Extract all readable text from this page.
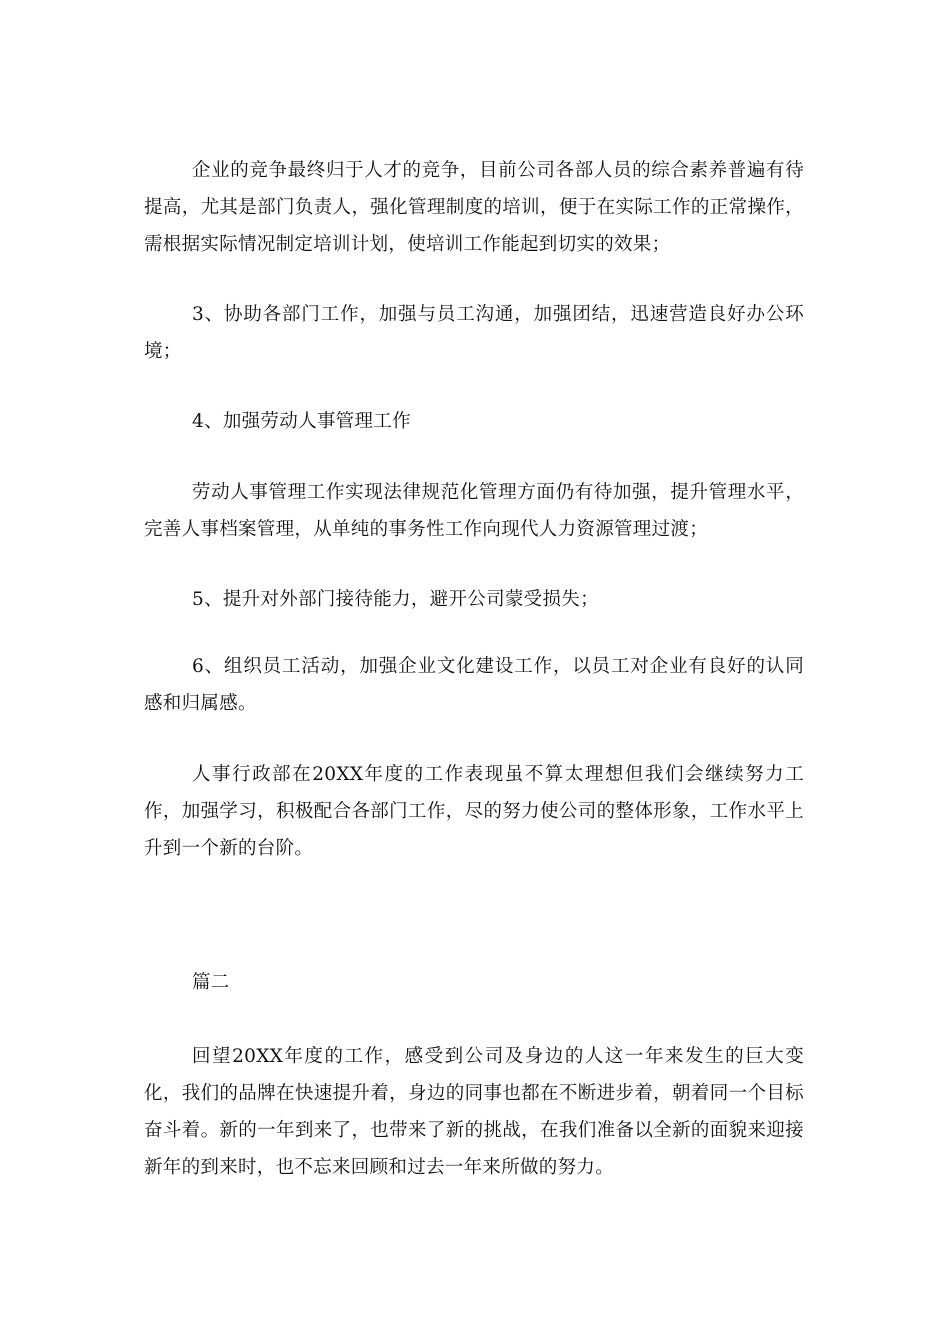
企业的竞争最终归于人才的竞争，目前公司各部人员的综合素养普遍有待提高，尤其是部门负责人，强化管理制度的培训，便于在实际工作的正常操作，需根据实际情况制定培训计划，使培训工作能起到切实的效果；

3、协助各部门工作，加强与员工沟通，加强团结，迅速营造良好办公环境；

4、加强劳动人事管理工作

劳动人事管理工作实现法律规范化管理方面仍有待加强，提升管理水平，完善人事档案管理，从单纯的事务性工作向现代人力资源管理过渡；

5、提升对外部门接待能力，避开公司蒙受损失；

6、组织员工活动，加强企业文化建设工作，以员工对企业有良好的认同感和归属感。

人事行政部在20XX年度的工作表现虽不算太理想但我们会继续努力工作，加强学习，积极配合各部门工作，尽的努力使公司的整体形象，工作水平上升到一个新的台阶。

篇二

回望20XX年度的工作，感受到公司及身边的人这一年来发生的巨大变化，我们的品牌在快速提升着，身边的同事也都在不断进步着，朝着同一个目标奋斗着。新的一年到来了，也带来了新的挑战，在我们准备以全新的面貌来迎接新年的到来时，也不忘来回顾和过去一年来所做的努力。
